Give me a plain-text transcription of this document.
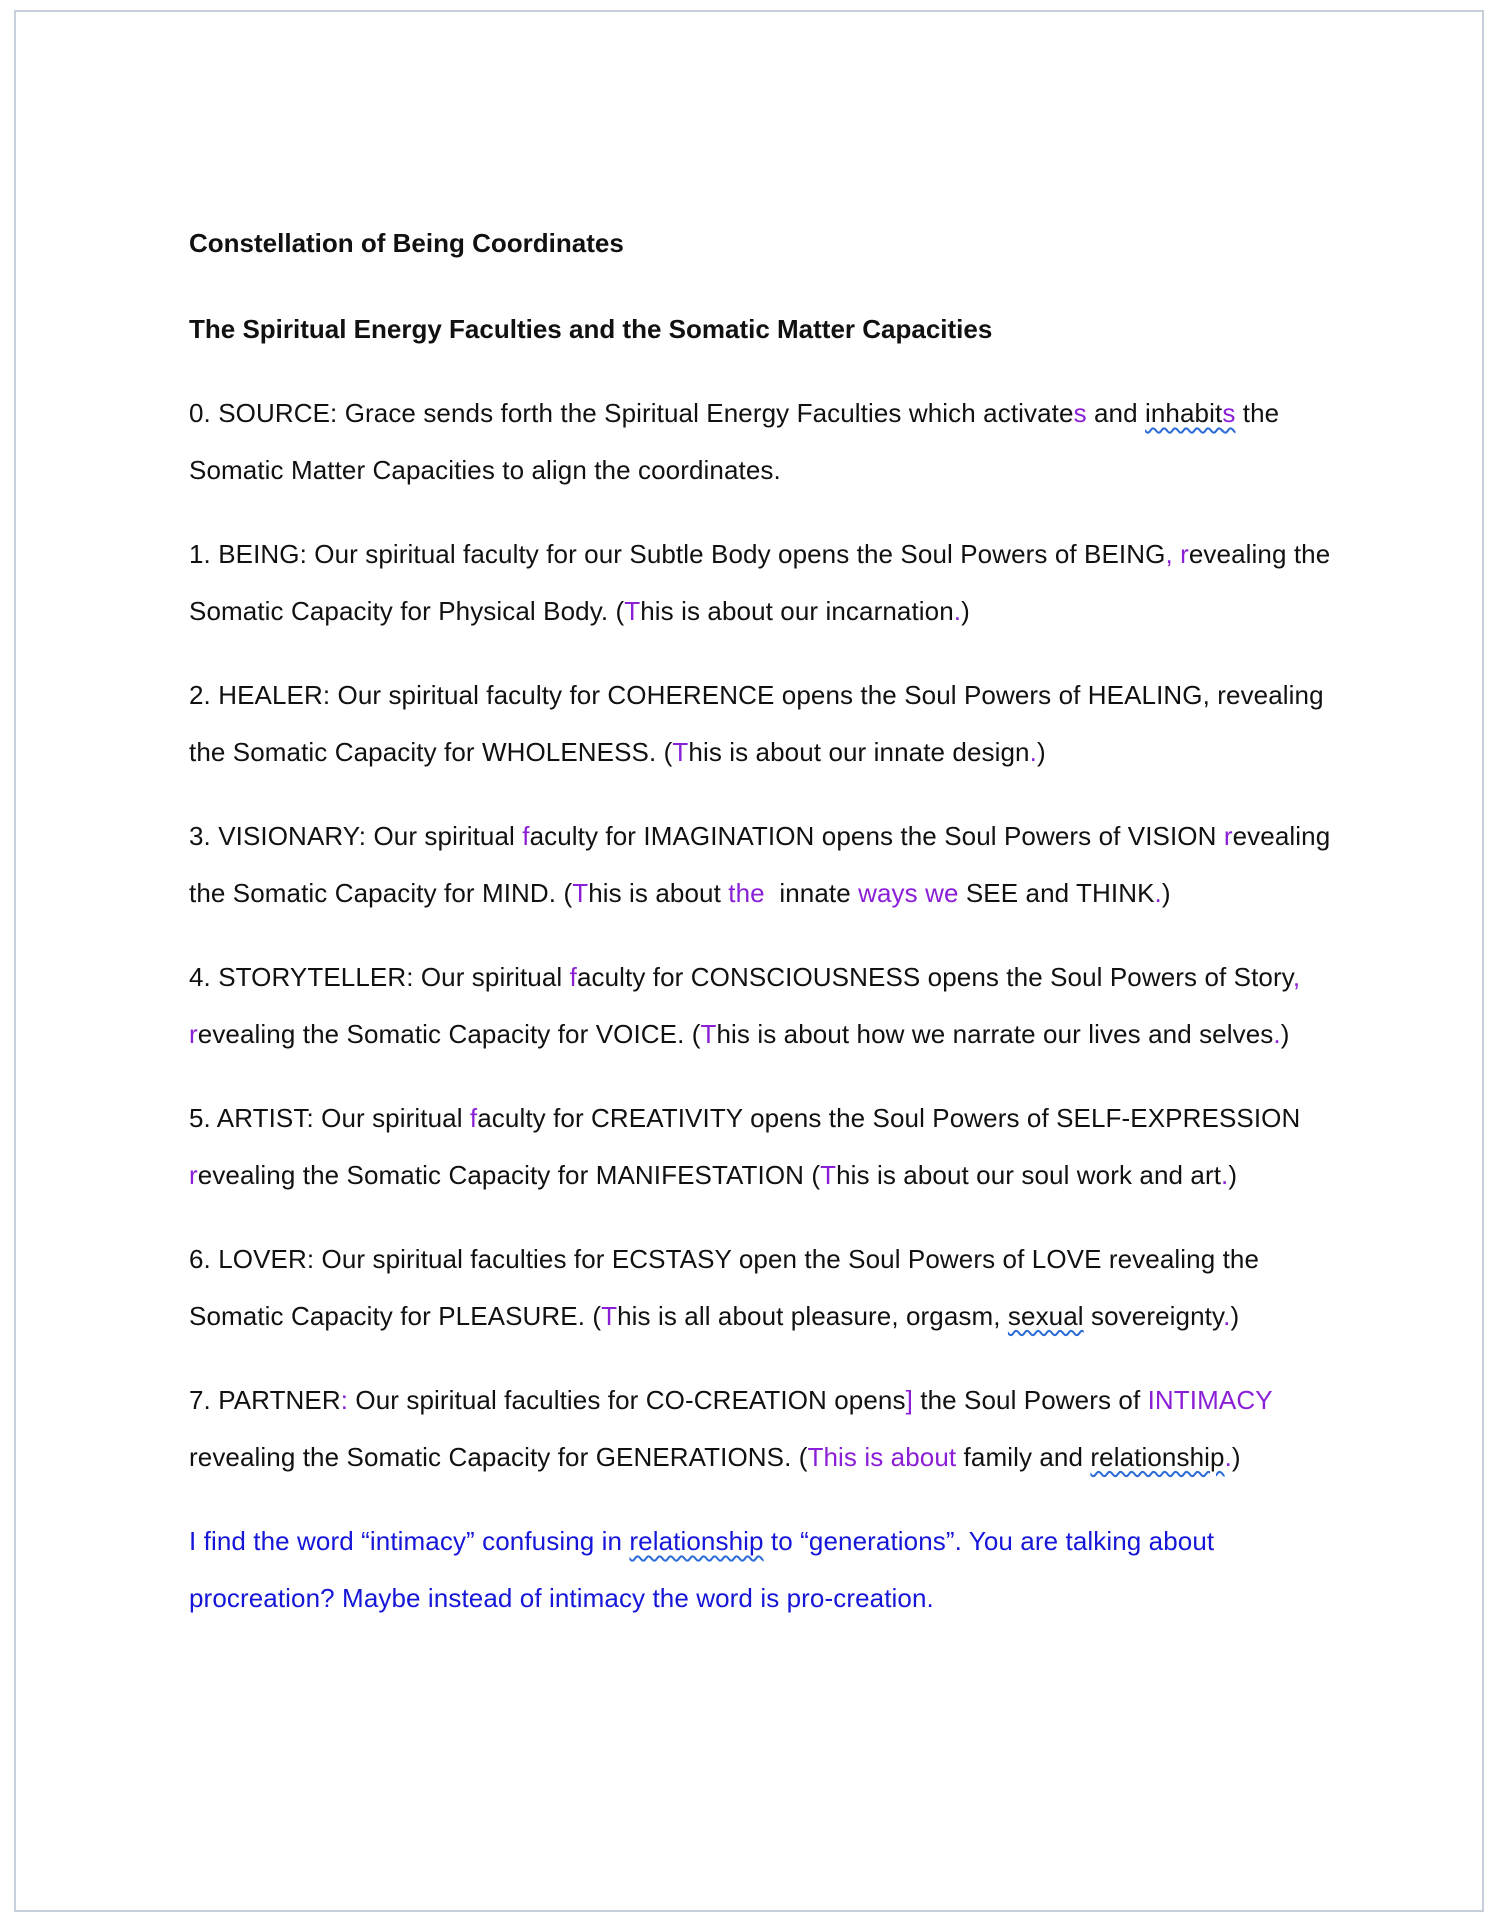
Constellation of Being Coordinates

The Spiritual Energy Faculties and the Somatic Matter Capacities

0. SOURCE: Grace sends forth the Spiritual Energy Faculties which activates and inhabits the Somatic Matter Capacities to align the coordinates.

1. BEING: Our spiritual faculty for our Subtle Body opens the Soul Powers of BEING, revealing the Somatic Capacity for Physical Body. (This is about our incarnation.)

2. HEALER: Our spiritual faculty for COHERENCE opens the Soul Powers of HEALING, revealing the Somatic Capacity for WHOLENESS. (This is about our innate design.)

3. VISIONARY: Our spiritual faculty for IMAGINATION opens the Soul Powers of VISION revealing the Somatic Capacity for MIND. (This is about the  innate ways we SEE and THINK.)

4. STORYTELLER: Our spiritual faculty for CONSCIOUSNESS opens the Soul Powers of Story, revealing the Somatic Capacity for VOICE. (This is about how we narrate our lives and selves.)

5. ARTIST: Our spiritual faculty for CREATIVITY opens the Soul Powers of SELF-EXPRESSION revealing the Somatic Capacity for MANIFESTATION (This is about our soul work and art.)

6. LOVER: Our spiritual faculties for ECSTASY open the Soul Powers of LOVE revealing the Somatic Capacity for PLEASURE. (This is all about pleasure, orgasm, sexual sovereignty.)

7. PARTNER: Our spiritual faculties for CO-CREATION opens] the Soul Powers of INTIMACY revealing the Somatic Capacity for GENERATIONS. (This is about family and relationship.)

I find the word “intimacy” confusing in relationship to “generations”. You are talking about procreation? Maybe instead of intimacy the word is pro-creation.
